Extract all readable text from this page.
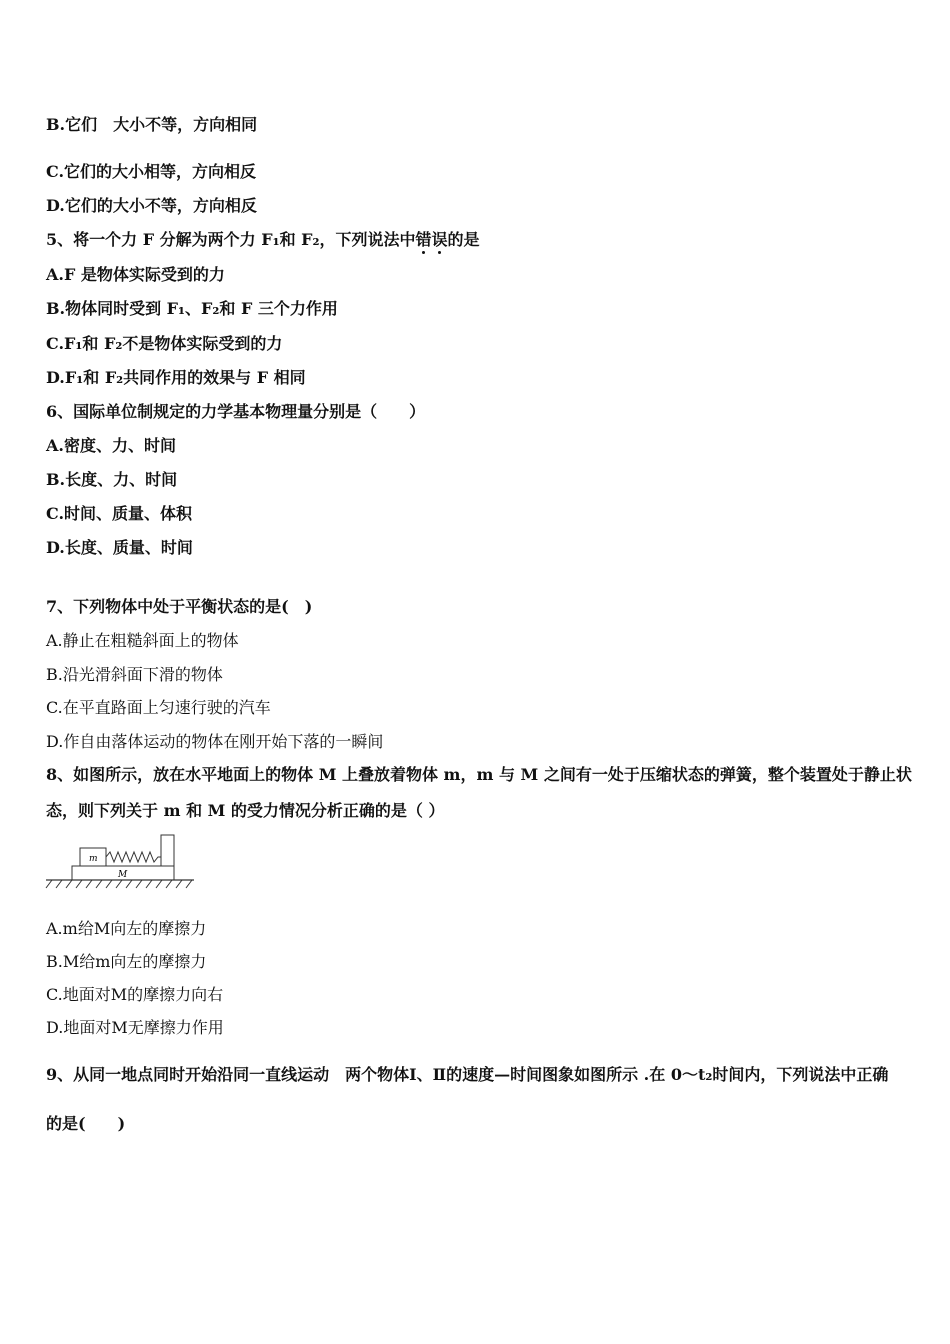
B.它们　大小不等，方向相同
C.它们的大小相等，方向相反
D.它们的大小不等，方向相反
5、将一个力 F 分解为两个力 F₁和 F₂，下列说法中错误的是
A.F 是物体实际受到的力
B.物体同时受到 F₁、F₂和 F 三个力作用
C.F₁和 F₂不是物体实际受到的力
D.F₁和 F₂共同作用的效果与 F 相同
6、国际单位制规定的力学基本物理量分别是（　　）
A.密度、力、时间
B.长度、力、时间
C.时间、质量、体积
D.长度、质量、时间
7、下列物体中处于平衡状态的是(　)
A.静止在粗糙斜面上的物体
B.沿光滑斜面下滑的物体
C.在平直路面上匀速行驶的汽车
D.作自由落体运动的物体在刚开始下落的一瞬间
8、如图所示，放在水平地面上的物体 M 上叠放着物体 m，m 与 M 之间有一处于压缩状态的弹簧，整个装置处于静止状
态，则下列关于 m 和 M 的受力情况分析正确的是（ ）
m
M
A.m给M向左的摩擦力
B.M给m向左的摩擦力
C.地面对M的摩擦力向右
D.地面对M无摩擦力作用
9、从同一地点同时开始沿同一直线运动　两个物体Ⅰ、Ⅱ的速度—时间图象如图所示 .在 0～t₂时间内，下列说法中正确
的是(　　)
